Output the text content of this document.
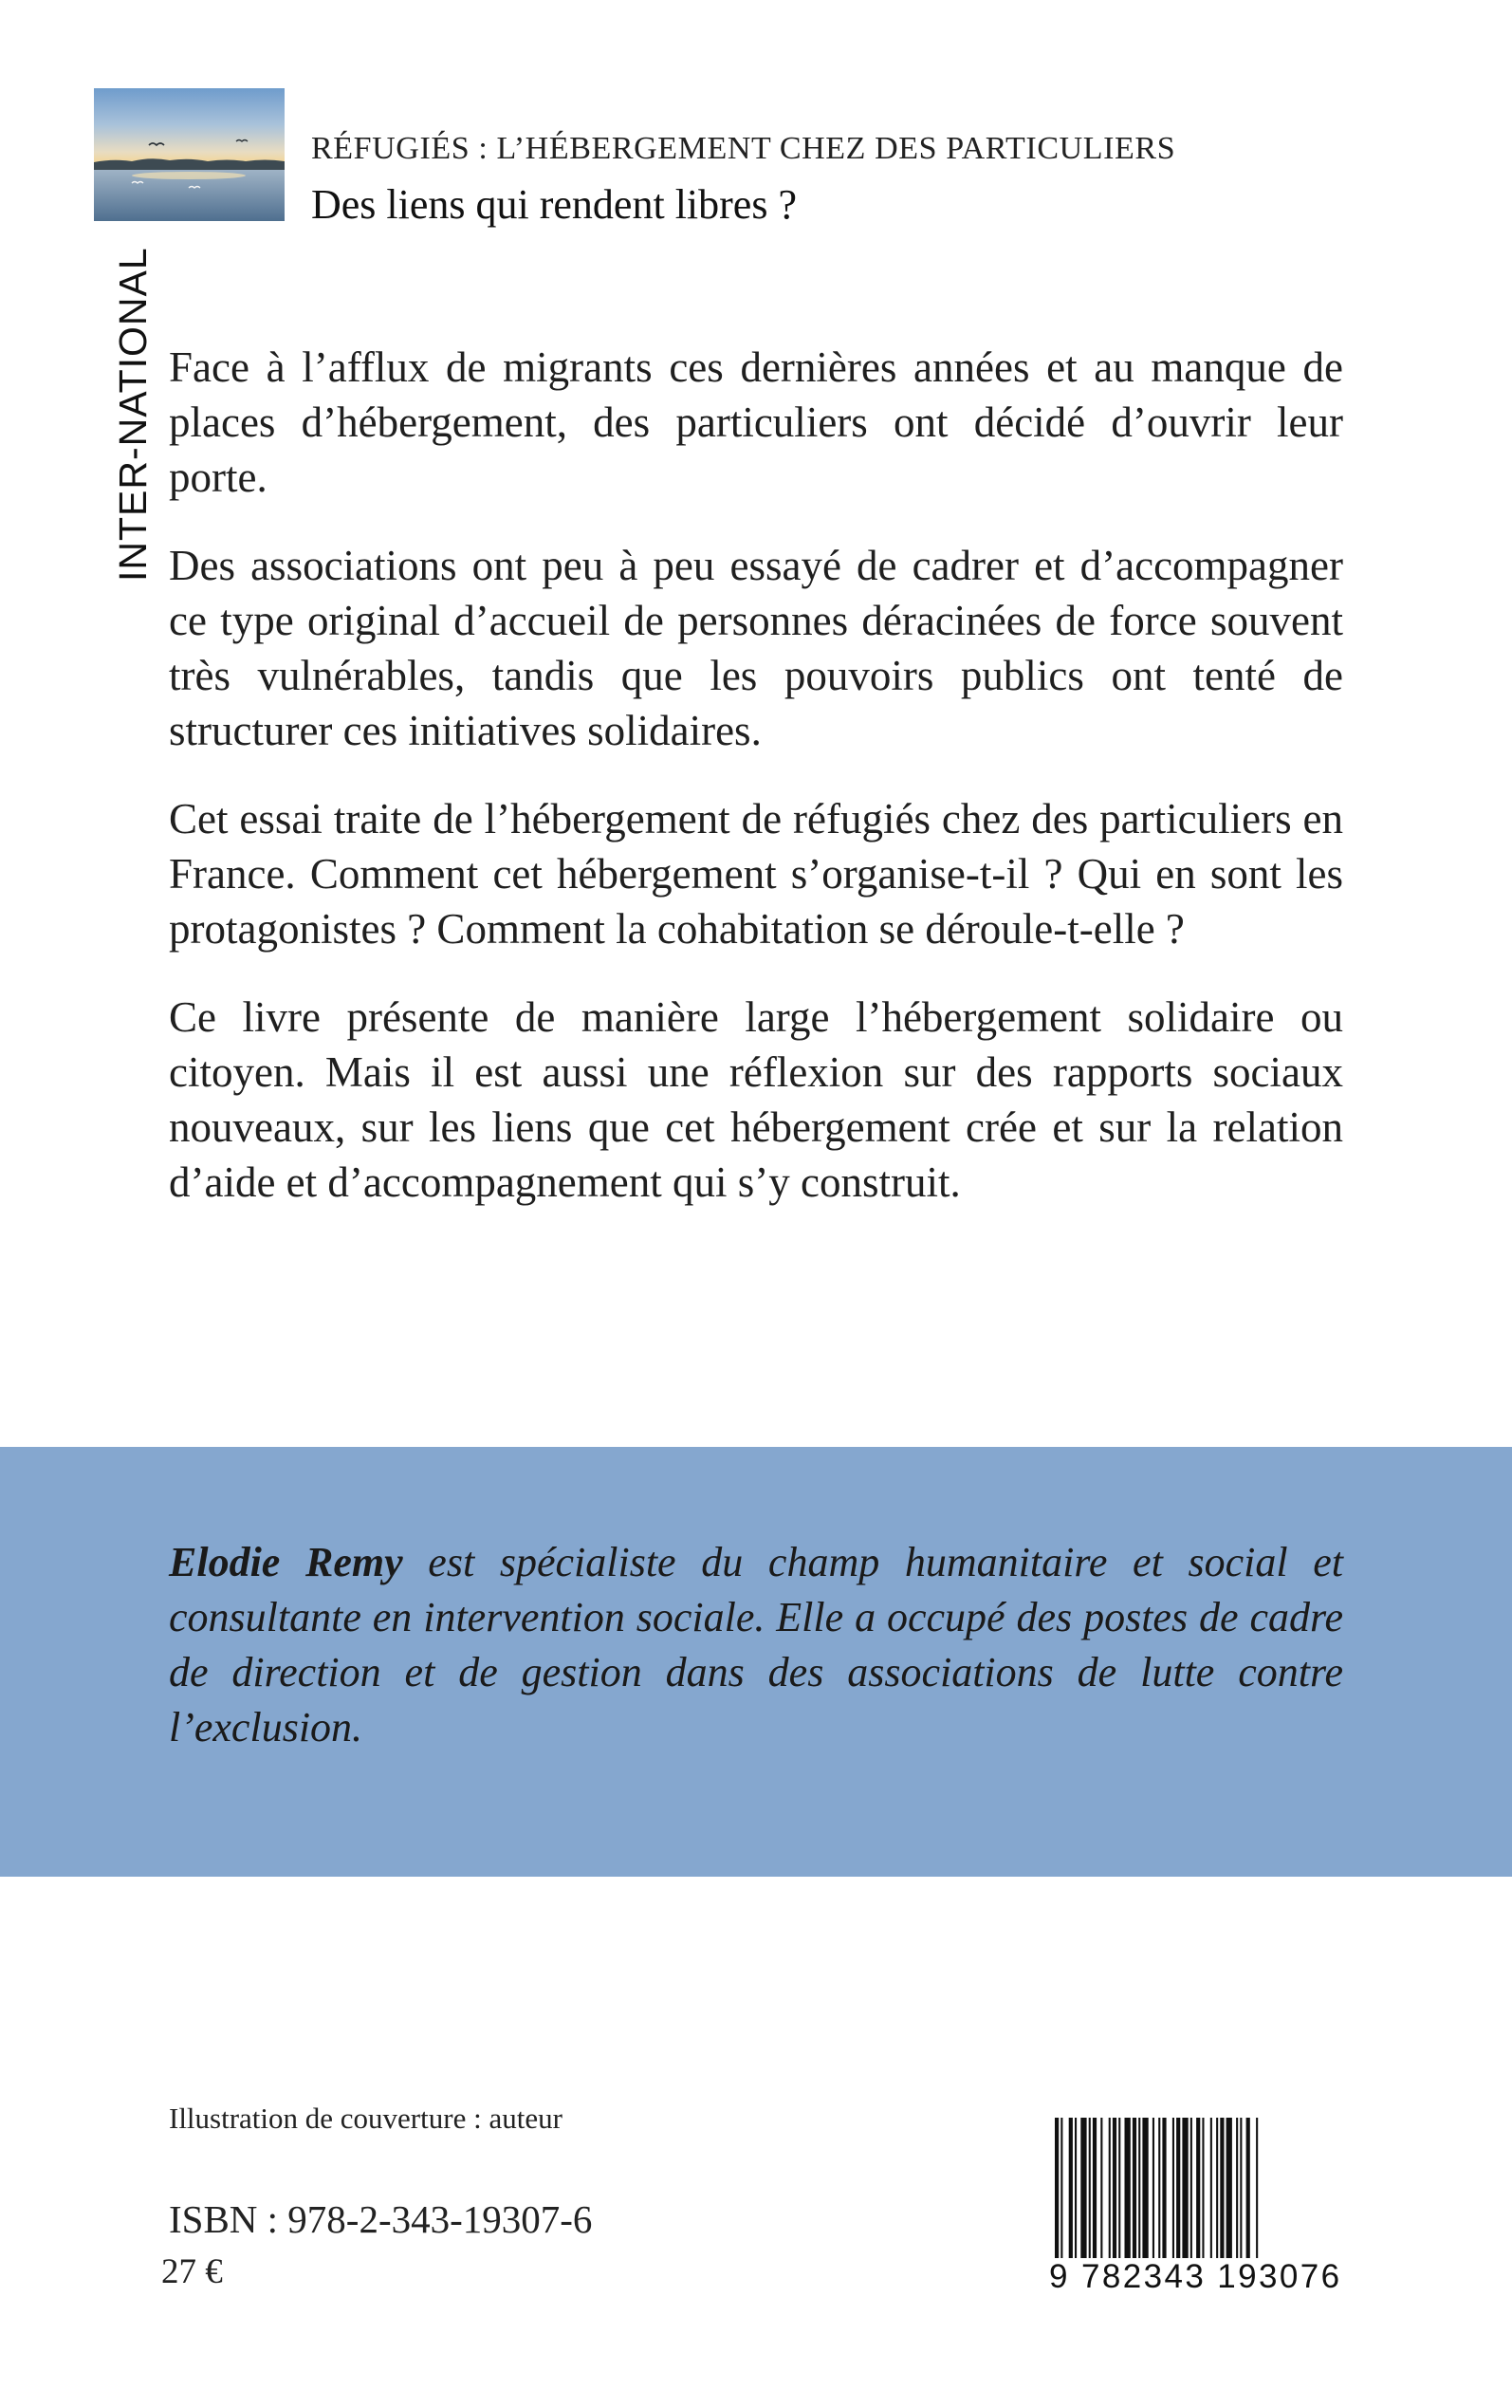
RÉFUGIÉS : L’HÉBERGEMENT CHEZ DES PARTICULIERS
Des liens qui rendent libres ?
INTER-NATIONAL Face à l’afflux de migrants ces dernières années et au manque de places d’hébergement, des particuliers ont décidé d’ouvrir leur porte.

Des associations ont peu à peu essayé de cadrer et d’accompagner ce type original d’accueil de personnes déracinées de force souvent très vulnérables, tandis que les pouvoirs publics ont tenté de structurer ces initiatives solidaires.

Cet essai traite de l’hébergement de réfugiés chez des particuliers en France. Comment cet hébergement s’organise-t-il ? Qui en sont les protagonistes ? Comment la cohabitation se déroule-t-elle ?

Ce livre présente de manière large l’hébergement solidaire ou citoyen. Mais il est aussi une réflexion sur des rapports sociaux nouveaux, sur les liens que cet hébergement crée et sur la relation d’aide et d’accompagnement qui s’y construit.

Elodie Remy est spécialiste du champ humanitaire et social et consultante en intervention sociale. Elle a occupé des postes de cadre de direction et de gestion dans des associations de lutte contre l’exclusion.

Illustration de couverture : auteur
ISBN : 978-2-343-19307-6
27 €	9 782343 193076
